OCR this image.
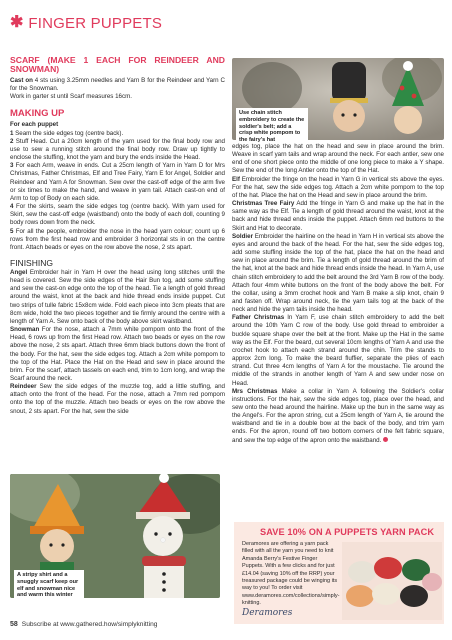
✱ FINGER PUPPETS
Use chain stitch embroidery to create the soldier's belt; add a crisp white pompom to the fairy's hat
SCARF (MAKE 1 EACH FOR REINDEER AND SNOWMAN)

Cast on 4 sts using 3.25mm needles and Yarn B for the Reindeer and Yarn C for the Snowman.

Work in garter st until Scarf measures 16cm.

MAKING UP

For each puppet

1 Seam the side edges tog (centre back).

2 Stuff Head. Cut a 20cm length of the yarn used for the final body row and use to sew a running stitch around the final body row. Draw up tightly to enclose the stuffing, knot the yarn and bury the ends inside the Head.

3 For each Arm, weave in ends. Cut a 25cm length of Yarn in Yarn D for Mrs Christmas, Father Christmas, Elf and Tree Fairy, Yarn E for Angel, Soldier and Reindeer and Yarn A for Snowman. Sew over the cast-off edge of the arm five or six times to make the hand, and weave in yarn tail. Attach cast-on end of Arm to top of Body on each side.

4 For the skirts, seam the side edges tog (centre back). With yarn used for Skirt, sew the cast-off edge (waistband) onto the body of each doll, counting 9 body rows down from the neck.

5 For all the people, embroider the nose in the head yarn colour; count up 6 rows from the first head row and embroider 3 horizontal sts in on the centre front. Attach beads or eyes on the row above the nose, 2 sts apart.

FINISHING

Angel Embroider hair in Yarn H over the head using long stitches until the head is covered. Sew the side edges of the Hair Bun tog, add some stuffing and sew the cast-on edge onto the top of the head. Tie a length of gold thread around the waist, knot at the back and hide thread ends inside puppet. Cut two strips of tulle fabric 15x8cm wide. Fold each piece into 3cm pleats that are 8cm wide, hold the two pieces together and tie firmly around the centre with a length of Yarn A. Sew onto back of the body above skirt waistband.

Snowman For the nose, attach a 7mm white pompom onto the front of the Head, 6 rows up from the first Head row. Attach two beads or eyes on the row above the nose, 2 sts apart. Attach three 6mm black buttons down the front of the body. For the hat, sew the side edges tog. Attach a 2cm white pompom to the top of the Hat. Place the Hat on the Head and sew in place around the brim. For the scarf, attach tassels on each end, trim to 1cm long, and wrap the Scarf around the neck.

Reindeer Sew the side edges of the muzzle tog, add a little stuffing, and attach onto the front of the head. For the nose, attach a 7mm red pompom onto the top of the muzzle. Attach two beads or eyes on the row above the snout, 2 sts apart. For the hat, sew the side

edges tog, place the hat on the head and sew in place around the brim. Weave in scarf yarn tails and wrap around the neck. For each antler, sew one end of one short piece onto the middle of one long piece to make a Y shape. Sew the end of the long Antler onto the top of the Hat.

Elf Embroider the fringe on the head in Yarn G in vertical sts above the eyes. For the hat, sew the side edges tog. Attach a 2cm white pompom to the top of the hat. Place the hat on the Head and sew in place around the brim.

Christmas Tree Fairy Add the fringe in Yarn G and make up the hat in the same way as the Elf. Tie a length of gold thread around the waist, knot at the back and hide thread ends inside the puppet. Attach 6mm red buttons to the Skirt and Hat to decorate.

Soldier Embroider the hairline on the head in Yarn H in vertical sts above the eyes and around the back of the head. For the hat, sew the side edges tog, add some stuffing inside the top of the hat, place the hat on the head and sew in place around the brim. Tie a length of gold thread around the brim of the hat, knot at the back and hide thread ends inside the head. In Yarn A, use chain stitch embroidery to add the belt around the 3rd Yarn B row of the body. Attach four 4mm white buttons on the front of the body above the belt. For the collar, using a 3mm crochet hook and Yarn B make a slip knot, chain 9 and fasten off. Wrap around neck, tie the yarn tails tog at the back of the neck and hide the yarn tails inside the head.

Father Christmas In Yarn F, use chain stitch embroidery to add the belt around the 10th Yarn C row of the body. Use gold thread to embroider a buckle square shape over the belt at the front. Make up the Hat in the same way as the Elf. For the beard, cut several 10cm lengths of Yarn A and use the crochet hook to attach each strand around the chin. Trim the stands to approx 2cm long. To make the beard fluffier, separate the plies of each strand. Cut three 4cm lengths of Yarn A for the moustache. Tie around the middle of the strands in another length of Yarn A and sew under nose on Head.

Mrs Christmas Make a collar in Yarn A following the Soldier's collar instructions. For the hair, sew the side edges tog, place over the head, and sew onto the head around the hairline. Make up the bun in the same way as the Angel's. For the apron string, cut a 25cm length of Yarn A, tie around the waistband and tie in a double bow at the back of the body, and trim yarn ends. For the apron, round off two bottom corners of the felt fabric square, and sew the top edge of the apron onto the waistband.

A stripy shirt and a snuggly scarf keep our elf and snowman nice and warm this winter
SAVE 10% ON A PUPPETS YARN PACK
Deramores are offering a yarn pack filled with all the yarn you need to knit Amanda Berry's Festive Finger Puppets. With a few clicks and for just £14.04 (saving 10% off the RRP) your treasured package could be winging its way to you! To order visit www.deramores.com/collections/simply-knitting.
Deramores
58 Subscribe at www.gathered.how/simplyknitting
